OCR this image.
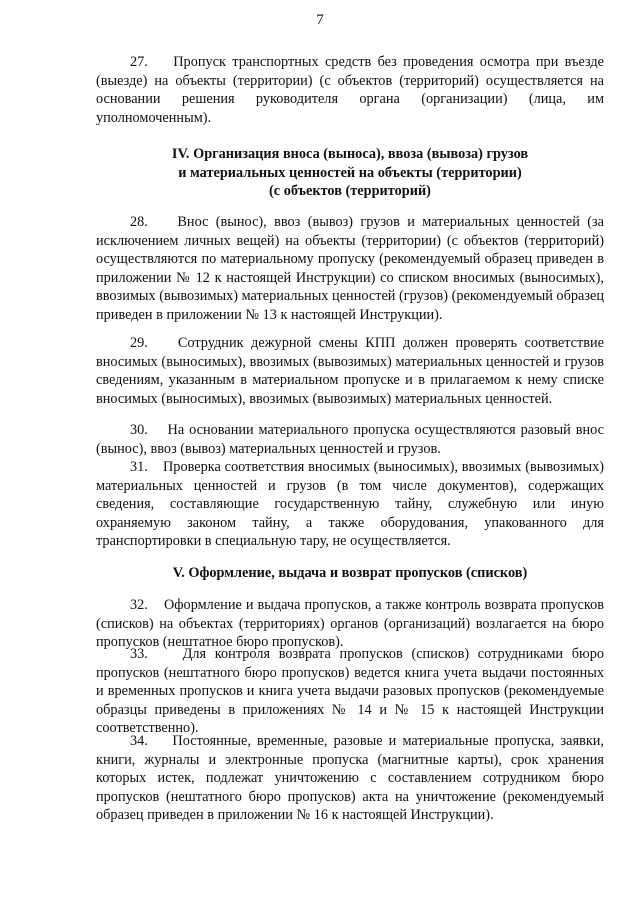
7

27.    Пропуск транспортных средств без проведения осмотра при въезде (выезде) на объекты (территории) (с объектов (территорий) осуществляется на основании решения руководителя органа (организации) (лица, им уполномоченным).

IV. Организация вноса (выноса), ввоза (вывоза) грузов
и материальных ценностей на объекты (территории)
(с объектов (территорий)

28.    Внос (вынос), ввоз (вывоз) грузов и материальных ценностей (за исключением личных вещей) на объекты (территории) (с объектов (территорий) осуществляются по материальному пропуску (рекомендуемый образец приведен в приложении № 12 к настоящей Инструкции) со списком вносимых (выносимых), ввозимых (вывозимых) материальных ценностей (грузов) (рекомендуемый образец приведен в приложении № 13 к настоящей Инструкции).

29.    Сотрудник дежурной смены КПП должен проверять соответствие вносимых (выносимых), ввозимых (вывозимых) материальных ценностей и грузов сведениям, указанным в материальном пропуске и в прилагаемом к нему списке вносимых (выносимых), ввозимых (вывозимых) материальных ценностей.

30.    На основании материального пропуска осуществляются разовый внос (вынос), ввоз (вывоз) материальных ценностей и грузов.

31.    Проверка соответствия вносимых (выносимых), ввозимых (вывозимых) материальных ценностей и грузов (в том числе документов), содержащих сведения, составляющие государственную тайну, служебную или иную охраняемую законом тайну, а также оборудования, упакованного для транспортировки в специальную тару, не осуществляется.

V. Оформление, выдача и возврат пропусков (списков)

32.    Оформление и выдача пропусков, а также контроль возврата пропусков (списков) на объектах (территориях) органов (организаций) возлагается на бюро пропусков (нештатное бюро пропусков).

33.    Для контроля возврата пропусков (списков) сотрудниками бюро пропусков (нештатного бюро пропусков) ведется книга учета выдачи постоянных и временных пропусков и книга учета выдачи разовых пропусков (рекомендуемые образцы приведены в приложениях № 14 и № 15 к настоящей Инструкции соответственно).

34.    Постоянные, временные, разовые и материальные пропуска, заявки, книги, журналы и электронные пропуска (магнитные карты), срок хранения которых истек, подлежат уничтожению с составлением сотрудником бюро пропусков (нештатного бюро пропусков) акта на уничтожение (рекомендуемый образец приведен в приложении № 16 к настоящей Инструкции).
